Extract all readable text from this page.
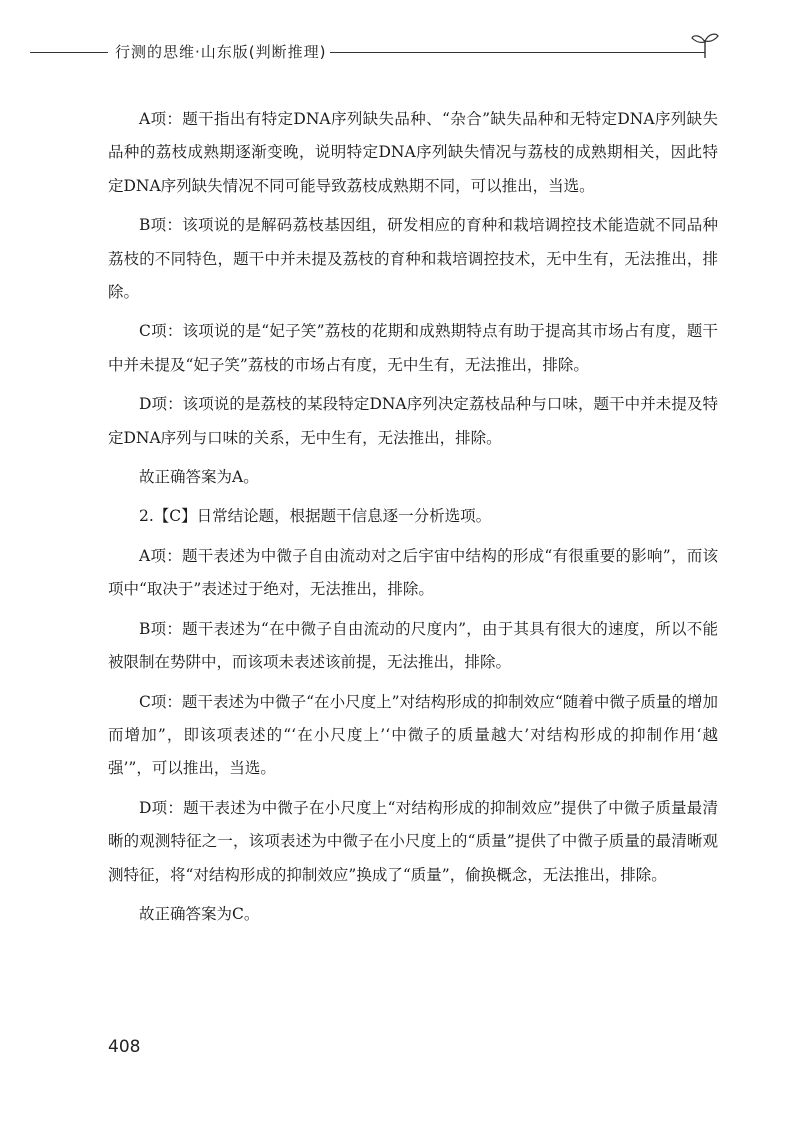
行测的思维·山东版(判断推理)

A项：题干指出有特定DNA序列缺失品种、“杂合”缺失品种和无特定DNA序列缺失品种的荔枝成熟期逐渐变晚，说明特定DNA序列缺失情况与荔枝的成熟期相关，因此特定DNA序列缺失情况不同可能导致荔枝成熟期不同，可以推出，当选。

B项：该项说的是解码荔枝基因组，研发相应的育种和栽培调控技术能造就不同品种荔枝的不同特色，题干中并未提及荔枝的育种和栽培调控技术，无中生有，无法推出，排除。

C项：该项说的是“妃子笑”荔枝的花期和成熟期特点有助于提高其市场占有度，题干中并未提及“妃子笑”荔枝的市场占有度，无中生有，无法推出，排除。

D项：该项说的是荔枝的某段特定DNA序列决定荔枝品种与口味，题干中并未提及特定DNA序列与口味的关系，无中生有，无法推出，排除。

故正确答案为A。

2.【C】日常结论题，根据题干信息逐一分析选项。

A项：题干表述为中微子自由流动对之后宇宙中结构的形成“有很重要的影响”，而该项中“取决于”表述过于绝对，无法推出，排除。

B项：题干表述为“在中微子自由流动的尺度内”，由于其具有很大的速度，所以不能被限制在势阱中，而该项未表述该前提，无法推出，排除。

C项：题干表述为中微子“在小尺度上”对结构形成的抑制效应“随着中微子质量的增加而增加”，即该项表述的“‘在小尺度上’‘中微子的质量越大’对结构形成的抑制作用‘越强’”，可以推出，当选。

D项：题干表述为中微子在小尺度上“对结构形成的抑制效应”提供了中微子质量最清晰的观测特征之一，该项表述为中微子在小尺度上的“质量”提供了中微子质量的最清晰观测特征，将“对结构形成的抑制效应”换成了“质量”，偷换概念，无法推出，排除。

故正确答案为C。

408
